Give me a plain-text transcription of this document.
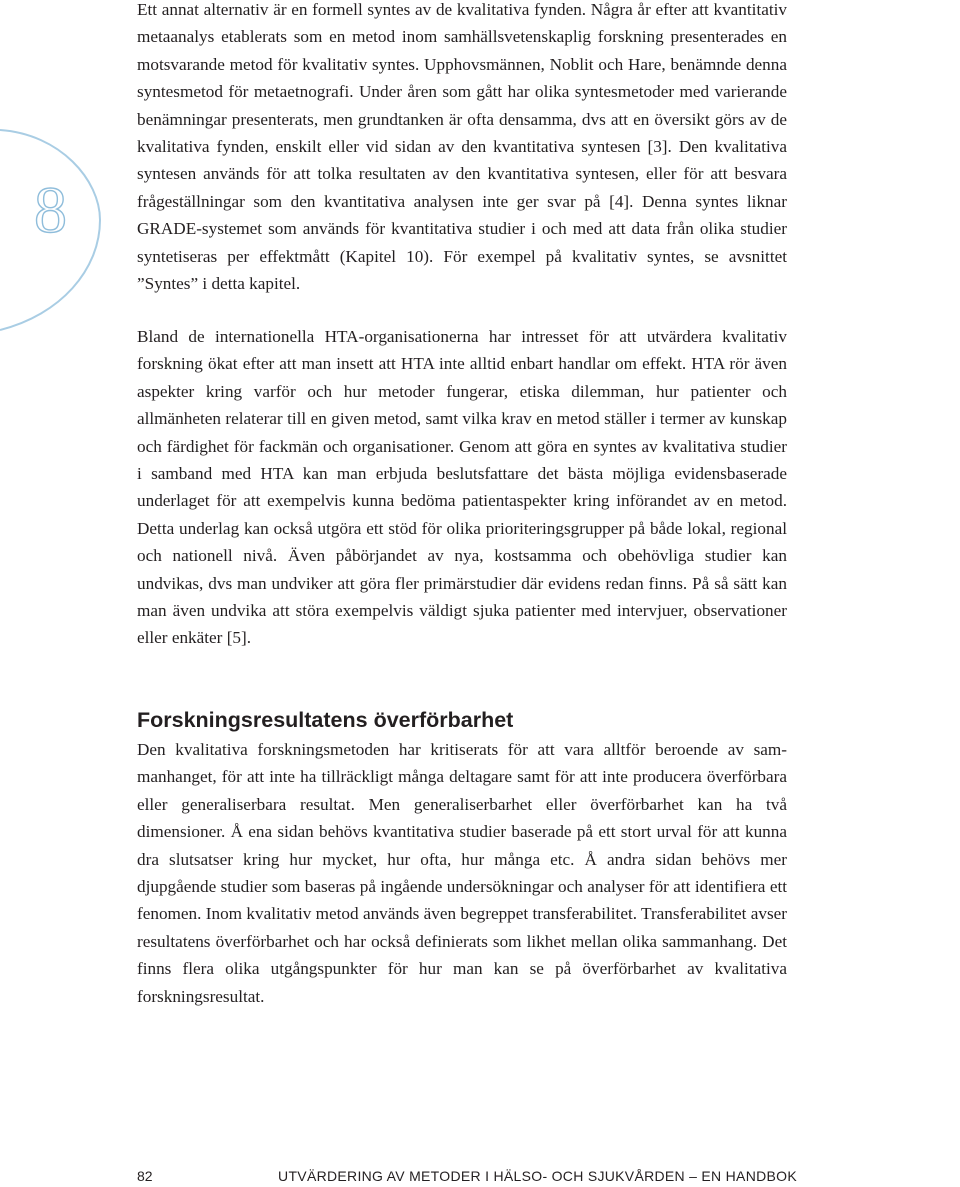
8

Ett annat alternativ är en formell syntes av de kvalitativa fynden. Några år efter att kvantitativ metaanalys etablerats som en metod inom samhällsvetenskaplig forskning presenterades en motsvarande metod för kvalitativ syntes. Upphovsmännen, Noblit och Hare, benämnde denna syntesmetod för metaetnografi. Under åren som gått har olika syntesmetoder med varierande benämningar presenterats, men grundtanken är ofta densamma, dvs att en översikt görs av de kvalitativa fynden, enskilt eller vid sidan av den kvantitativa syntesen [3]. Den kvalitativa syntesen används för att tolka resultaten av den kvantitativa syntesen, eller för att besvara frågeställningar som den kvantitativa analysen inte ger svar på [4]. Denna syntes liknar GRADE-systemet som används för kvantitativa studier i och med att data från olika studier syntetiseras per effektmått (Kapitel 10). För exempel på kvalitativ syntes, se avsnittet ”Syntes” i detta kapitel.

Bland de internationella HTA-organisationerna har intresset för att utvärdera kvalitativ forskning ökat efter att man insett att HTA inte alltid enbart handlar om effekt. HTA rör även aspekter kring varför och hur metoder fungerar, etiska dilemman, hur patienter och allmänheten relaterar till en given metod, samt vilka krav en metod ställer i termer av kunskap och färdighet för fackmän och organisationer. Genom att göra en syntes av kvalitativa studier i samband med HTA kan man erbjuda beslutsfattare det bästa möjliga evidensbaserade underlaget för att exempelvis kunna bedöma patientaspekter kring införandet av en metod. Detta underlag kan också utgöra ett stöd för olika prioriteringsgrupper på både lokal, regional och nationell nivå. Även påbörjandet av nya, kostsamma och obehövliga studier kan undvikas, dvs man undviker att göra fler primärstudier där evidens redan finns. På så sätt kan man även undvika att störa exempelvis väldigt sjuka patienter med intervjuer, observationer eller enkäter [5].

Forskningsresultatens överförbarhet

Den kvalitativa forskningsmetoden har kritiserats för att vara alltför beroende av sammanhanget, för att inte ha tillräckligt många deltagare samt för att inte producera överförbara eller generaliserbara resultat. Men generaliserbarhet eller överförbarhet kan ha två dimensioner. Å ena sidan behövs kvantitativa studier baserade på ett stort urval för att kunna dra slutsatser kring hur mycket, hur ofta, hur många etc. Å andra sidan behövs mer djupgående studier som baseras på ingående undersökningar och analyser för att identifiera ett fenomen. Inom kvalitativ metod används även begreppet transferabilitet. Transferabilitet avser resultatens överförbarhet och har också definierats som likhet mellan olika sammanhang. Det finns flera olika utgångspunkter för hur man kan se på överförbarhet av kvalitativa forskningsresultat.

82	UTVÄRDERING AV METODER I HÄLSO- OCH SJUKVÅRDEN – EN HANDBOK
